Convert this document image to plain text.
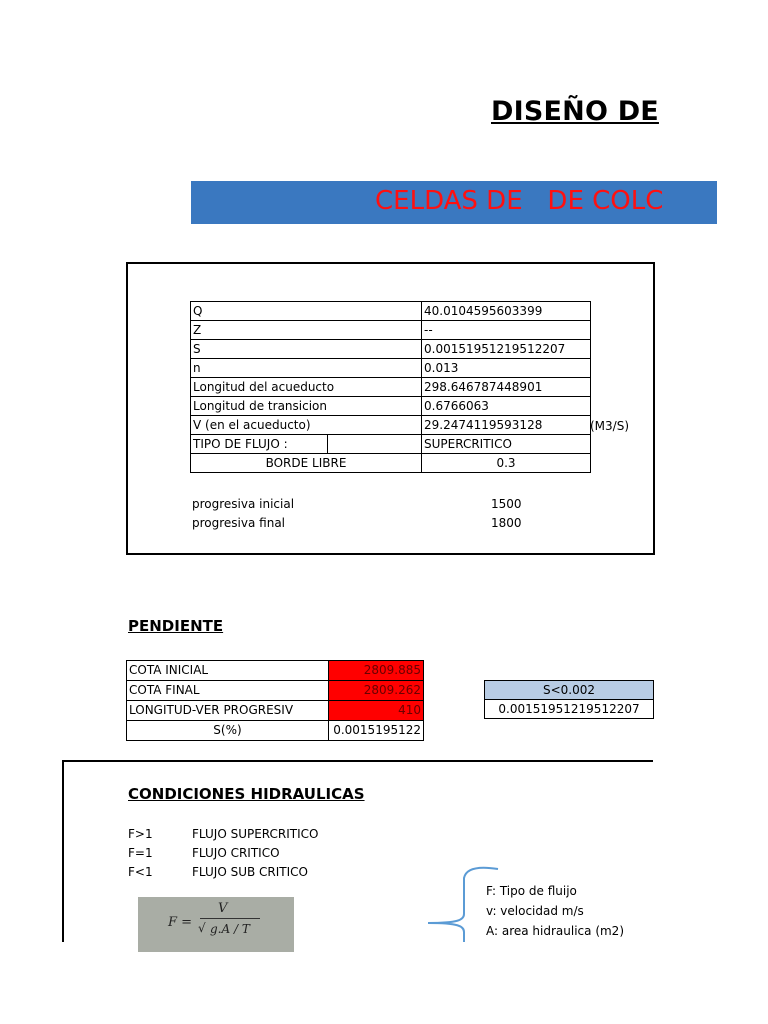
DISEÑO DE
CELDAS DE   DE COLC
Q		40.0104595603399
Z		--
S		0.00151951219512207
n		0.013
Longitud del acueducto		298.646787448901
Longitud de transicion		0.6766063
V (en el acueducto)		29.2474119593128
TIPO DE FLUJO :		SUPERCRITICO
BORDE LIBRE		0.3
(M3/S)
progresiva inicial	1500
progresiva final	1800
PENDIENTE
COTA INICIAL	2809.885
COTA FINAL	2809.262
LONGITUD-VER PROGRESIV	410
S(%)	0.0015195122
S<0.002
0.00151951219512207
CONDICIONES HIDRAULICAS
F>1	FLUJO SUPERCRITICO
F=1	FLUJO CRITICO
F<1	FLUJO SUB CRITICO
F =
V
√ g.A / T
F: Tipo de fluijo
v: velocidad m/s
A: area hidraulica (m2)
